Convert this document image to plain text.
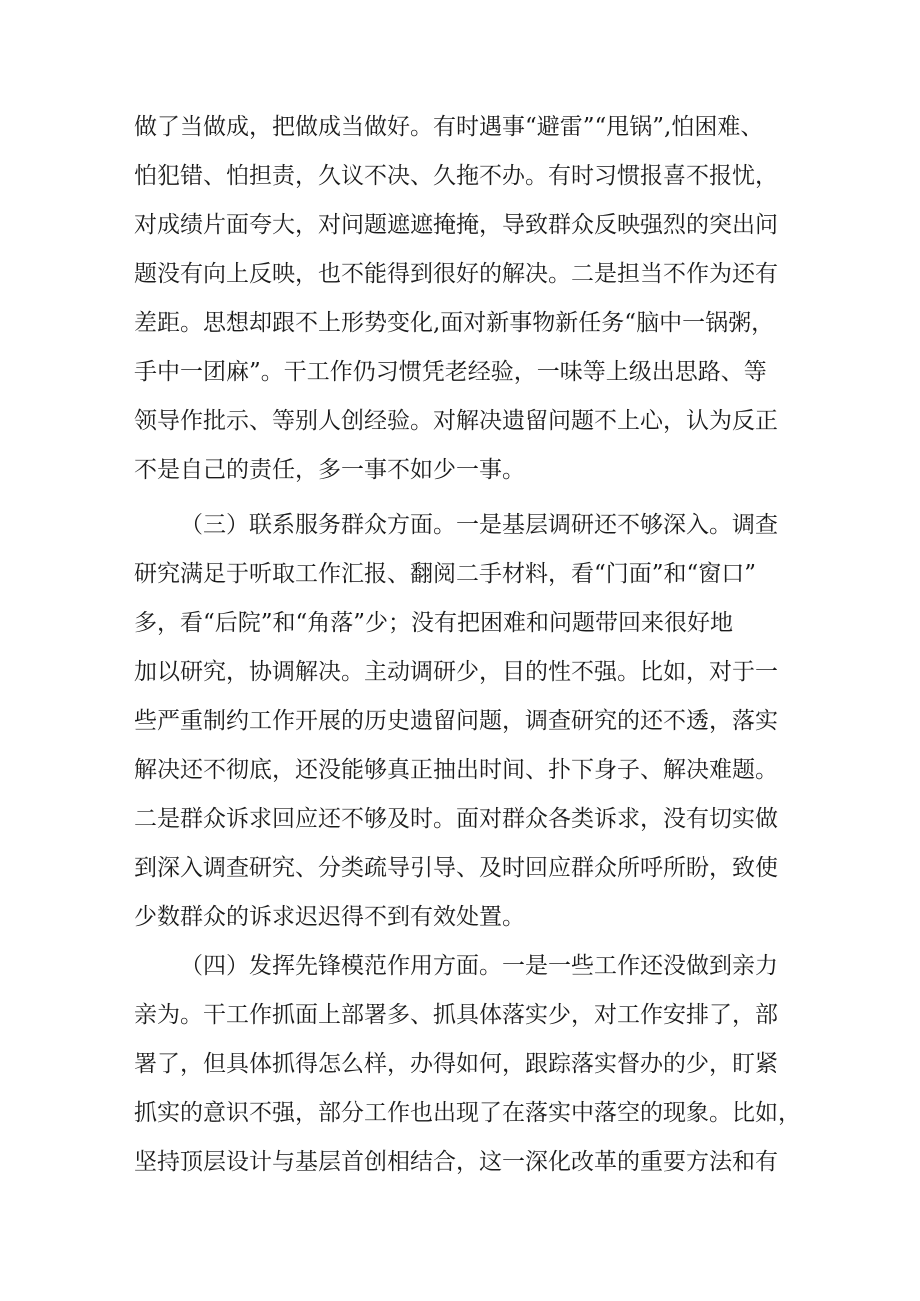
做了当做成，把做成当做好。有时遇事“避雷”“甩锅”,怕困难、
怕犯错、怕担责，久议不决、久拖不办。有时习惯报喜不报忧，
对成绩片面夸大，对问题遮遮掩掩，导致群众反映强烈的突出问
题没有向上反映，也不能得到很好的解决。二是担当不作为还有
差距。思想却跟不上形势变化,面对新事物新任务“脑中一锅粥，
手中一团麻”。干工作仍习惯凭老经验，一味等上级出思路、等
领导作批示、等别人创经验。对解决遗留问题不上心，认为反正
不是自己的责任，多一事不如少一事。
（三）联系服务群众方面。一是基层调研还不够深入。调查
研究满足于听取工作汇报、翻阅二手材料，看“门面”和“窗口”
多，看“后院”和“角落”少；没有把困难和问题带回来很好地
加以研究，协调解决。主动调研少，目的性不强。比如，对于一
些严重制约工作开展的历史遗留问题，调查研究的还不透，落实
解决还不彻底，还没能够真正抽出时间、扑下身子、解决难题。
二是群众诉求回应还不够及时。面对群众各类诉求，没有切实做
到深入调查研究、分类疏导引导、及时回应群众所呼所盼，致使
少数群众的诉求迟迟得不到有效处置。
（四）发挥先锋模范作用方面。一是一些工作还没做到亲力
亲为。干工作抓面上部署多、抓具体落实少，对工作安排了，部
署了，但具体抓得怎么样，办得如何，跟踪落实督办的少，盯紧
抓实的意识不强，部分工作也出现了在落实中落空的现象。比如，
坚持顶层设计与基层首创相结合，这一深化改革的重要方法和有
